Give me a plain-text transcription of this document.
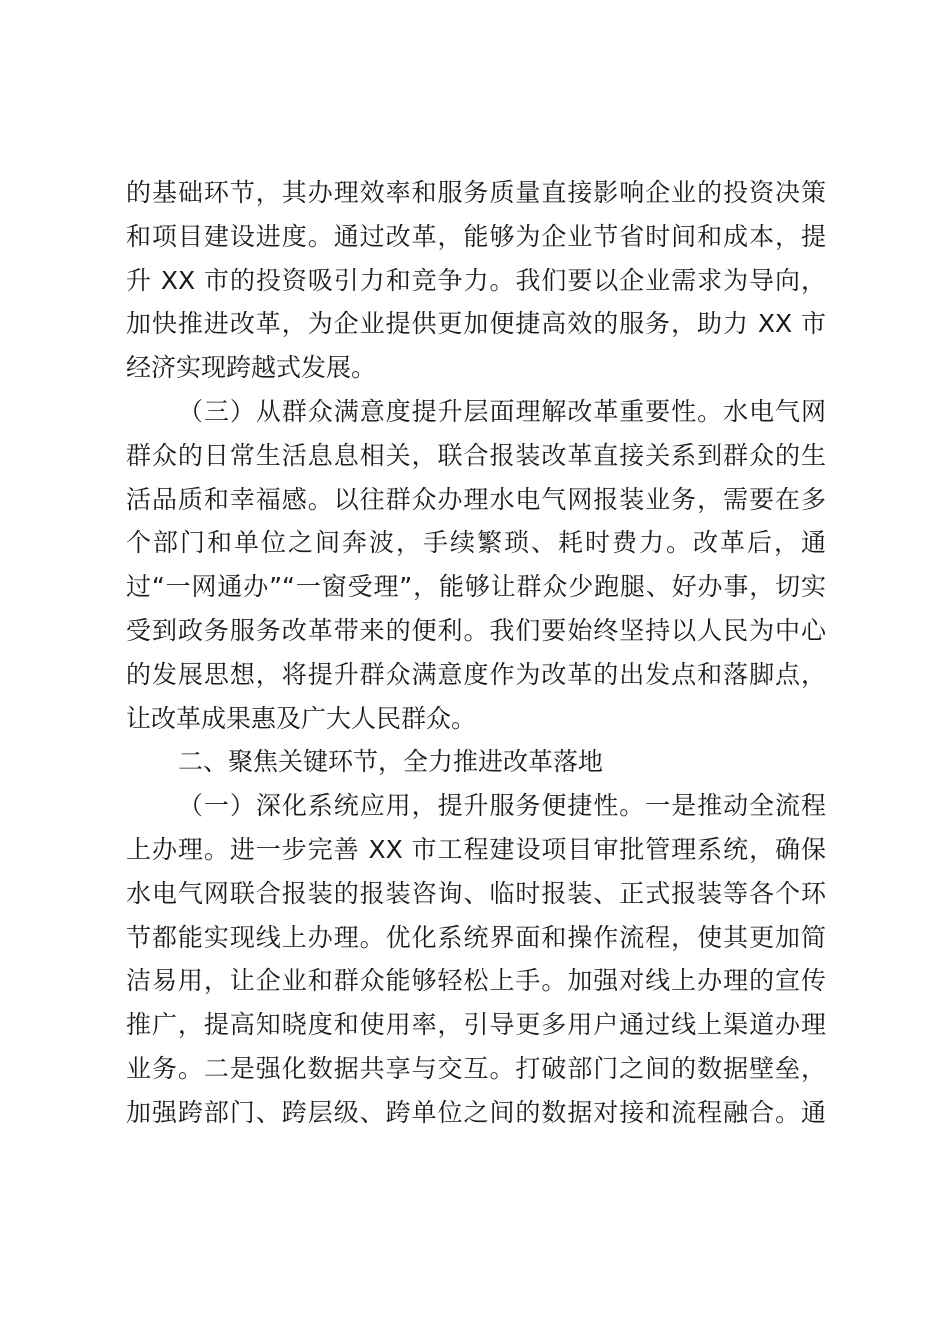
的基础环节，其办理效率和服务质量直接影响企业的投资决策
和项目建设进度。通过改革，能够为企业节省时间和成本，提
升 XX 市的投资吸引力和竞争力。我们要以企业需求为导向，
加快推进改革，为企业提供更加便捷高效的服务，助力 XX 市
经济实现跨越式发展。
（三）从群众满意度提升层面理解改革重要性。水电气网
群众的日常生活息息相关，联合报装改革直接关系到群众的生
活品质和幸福感。以往群众办理水电气网报装业务，需要在多
个部门和单位之间奔波，手续繁琐、耗时费力。改革后，通
过“一网通办”“一窗受理”，能够让群众少跑腿、好办事，切实
受到政务服务改革带来的便利。我们要始终坚持以人民为中心
的发展思想，将提升群众满意度作为改革的出发点和落脚点，
让改革成果惠及广大人民群众。
二、聚焦关键环节，全力推进改革落地
（一）深化系统应用，提升服务便捷性。一是推动全流程
上办理。进一步完善 XX 市工程建设项目审批管理系统，确保
水电气网联合报装的报装咨询、临时报装、正式报装等各个环
节都能实现线上办理。优化系统界面和操作流程，使其更加简
洁易用，让企业和群众能够轻松上手。加强对线上办理的宣传
推广，提高知晓度和使用率，引导更多用户通过线上渠道办理
业务。二是强化数据共享与交互。打破部门之间的数据壁垒，
加强跨部门、跨层级、跨单位之间的数据对接和流程融合。通
